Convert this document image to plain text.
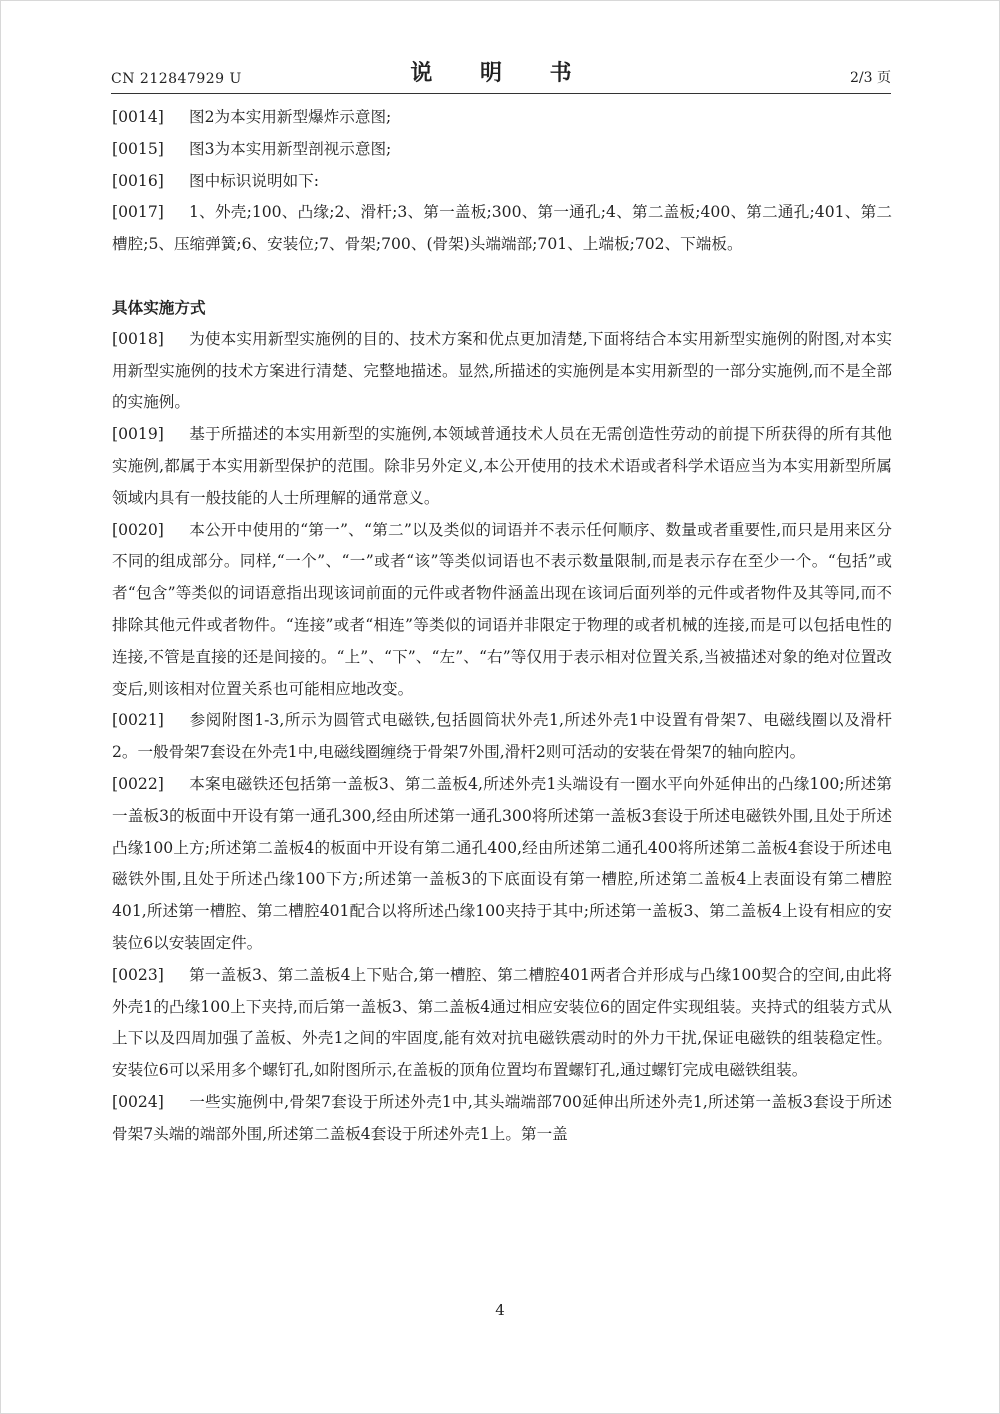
CN 212847929 U	说 明 书	2/3 页

[0014] 图2为本实用新型爆炸示意图;

[0015] 图3为本实用新型剖视示意图;

[0016] 图中标识说明如下:

[0017] 1、外壳;100、凸缘;2、滑杆;3、第一盖板;300、第一通孔;4、第二盖板;400、第二通孔;401、第二槽腔;5、压缩弹簧;6、安装位;7、骨架;700、(骨架)头端端部;701、上端板;702、下端板。

具体实施方式

[0018] 为使本实用新型实施例的目的、技术方案和优点更加清楚,下面将结合本实用新型实施例的附图,对本实用新型实施例的技术方案进行清楚、完整地描述。显然,所描述的实施例是本实用新型的一部分实施例,而不是全部的实施例。

[0019] 基于所描述的本实用新型的实施例,本领域普通技术人员在无需创造性劳动的前提下所获得的所有其他实施例,都属于本实用新型保护的范围。除非另外定义,本公开使用的技术术语或者科学术语应当为本实用新型所属领域内具有一般技能的人士所理解的通常意义。

[0020] 本公开中使用的“第一”、“第二”以及类似的词语并不表示任何顺序、数量或者重要性,而只是用来区分不同的组成部分。同样,“一个”、“一”或者“该”等类似词语也不表示数量限制,而是表示存在至少一个。“包括”或者“包含”等类似的词语意指出现该词前面的元件或者物件涵盖出现在该词后面列举的元件或者物件及其等同,而不排除其他元件或者物件。“连接”或者“相连”等类似的词语并非限定于物理的或者机械的连接,而是可以包括电性的连接,不管是直接的还是间接的。“上”、“下”、“左”、“右”等仅用于表示相对位置关系,当被描述对象的绝对位置改变后,则该相对位置关系也可能相应地改变。

[0021] 参阅附图1-3,所示为圆管式电磁铁,包括圆筒状外壳1,所述外壳1中设置有骨架7、电磁线圈以及滑杆2。一般骨架7套设在外壳1中,电磁线圈缠绕于骨架7外围,滑杆2则可活动的安装在骨架7的轴向腔内。

[0022] 本案电磁铁还包括第一盖板3、第二盖板4,所述外壳1头端设有一圈水平向外延伸出的凸缘100;所述第一盖板3的板面中开设有第一通孔300,经由所述第一通孔300将所述第一盖板3套设于所述电磁铁外围,且处于所述凸缘100上方;所述第二盖板4的板面中开设有第二通孔400,经由所述第二通孔400将所述第二盖板4套设于所述电磁铁外围,且处于所述凸缘100下方;所述第一盖板3的下底面设有第一槽腔,所述第二盖板4上表面设有第二槽腔401,所述第一槽腔、第二槽腔401配合以将所述凸缘100夹持于其中;所述第一盖板3、第二盖板4上设有相应的安装位6以安装固定件。

[0023] 第一盖板3、第二盖板4上下贴合,第一槽腔、第二槽腔401两者合并形成与凸缘100契合的空间,由此将外壳1的凸缘100上下夹持,而后第一盖板3、第二盖板4通过相应安装位6的固定件实现组装。夹持式的组装方式从上下以及四周加强了盖板、外壳1之间的牢固度,能有效对抗电磁铁震动时的外力干扰,保证电磁铁的组装稳定性。安装位6可以采用多个螺钉孔,如附图所示,在盖板的顶角位置均布置螺钉孔,通过螺钉完成电磁铁组装。

[0024] 一些实施例中,骨架7套设于所述外壳1中,其头端端部700延伸出所述外壳1,所述第一盖板3套设于所述骨架7头端的端部外围,所述第二盖板4套设于所述外壳1上。第一盖

4
